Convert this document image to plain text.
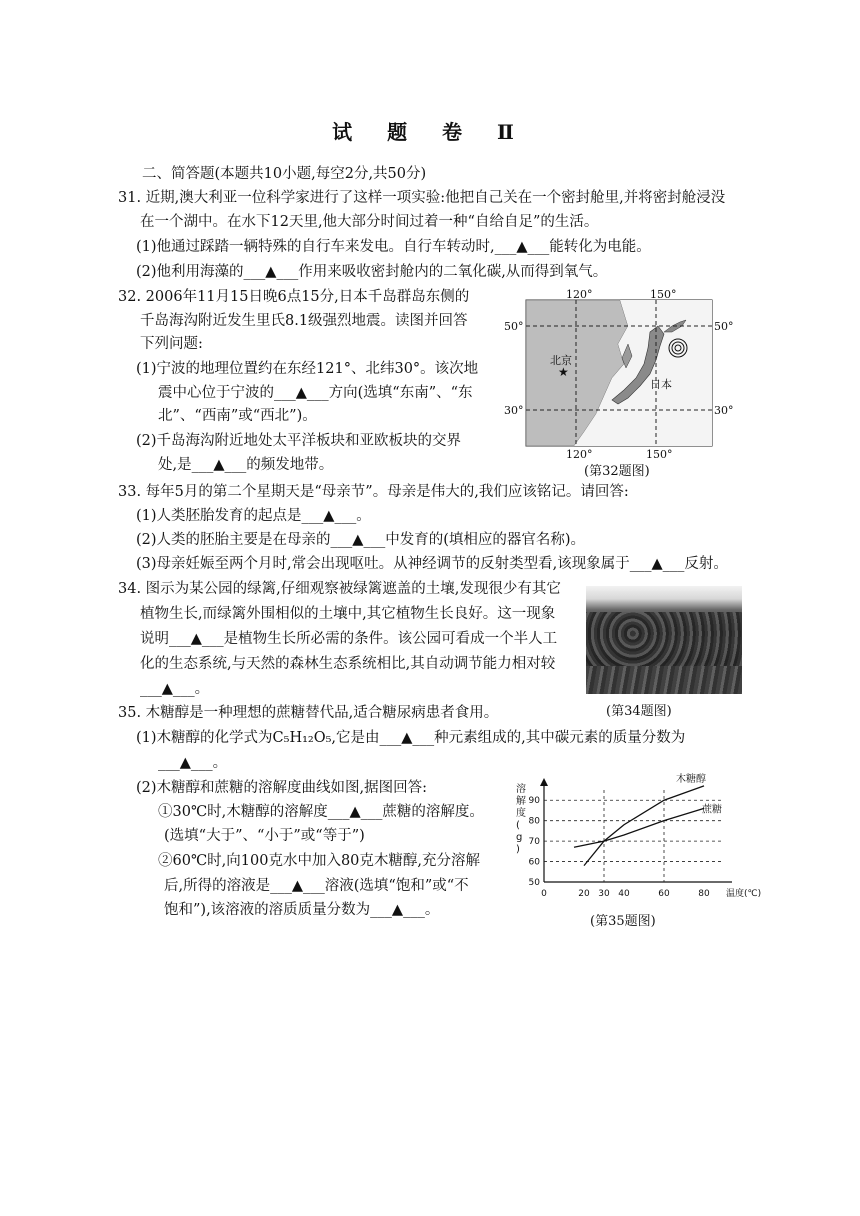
试 题 卷 Ⅱ
二、简答题(本题共10小题,每空2分,共50分)
31. 近期,澳大利亚一位科学家进行了这样一项实验:他把自己关在一个密封舱里,并将密封舱浸没
在一个湖中。在水下12天里,他大部分时间过着一种“自给自足”的生活。
(1)他通过踩踏一辆特殊的自行车来发电。自行车转动时,___▲___能转化为电能。
(2)他利用海藻的___▲___作用来吸收密封舱内的二氧化碳,从而得到氧气。
32. 2006年11月15日晚6点15分,日本千岛群岛东侧的
千岛海沟附近发生里氏8.1级强烈地震。读图并回答
下列问题:
(1)宁波的地理位置约在东经121°、北纬30°。该次地
震中心位于宁波的___▲___方向(选填“东南”、“东
北”、“西南”或“西北”)。
(2)千岛海沟附近地处太平洋板块和亚欧板块的交界
处,是___▲___的频发地带。
★
北京
日本
120°	150°
120°	150°
50°
30°
50°
30°
(第32题图)
33. 每年5月的第二个星期天是“母亲节”。母亲是伟大的,我们应该铭记。请回答:
(1)人类胚胎发育的起点是___▲___。
(2)人类的胚胎主要是在母亲的___▲___中发育的(填相应的器官名称)。
(3)母亲妊娠至两个月时,常会出现呕吐。从神经调节的反射类型看,该现象属于___▲___反射。
34. 图示为某公园的绿篱,仔细观察被绿篱遮盖的土壤,发现很少有其它
植物生长,而绿篱外围相似的土壤中,其它植物生长良好。这一现象
说明___▲___是植物生长所必需的条件。该公园可看成一个半人工
化的生态系统,与天然的森林生态系统相比,其自动调节能力相对较
___▲___。
(第34题图)
35. 木糖醇是一种理想的蔗糖替代品,适合糖尿病患者食用。
(1)木糖醇的化学式为C₅H₁₂O₅,它是由___▲___种元素组成的,其中碳元素的质量分数为
___▲___。
(2)木糖醇和蔗糖的溶解度曲线如图,据图回答:
①30℃时,木糖醇的溶解度___▲___蔗糖的溶解度。
(选填“大于”、“小于”或“等于”)
②60℃时,向100克水中加入80克木糖醇,充分溶解
后,所得的溶液是___▲___溶液(选填“饱和”或“不
饱和”),该溶液的溶质质量分数为___▲___。
50
60
70
80
90
0	20 30 40	60	80 温度(℃)
溶
解
度
(
g
)
木糖醇
蔗糖
(第35题图)
